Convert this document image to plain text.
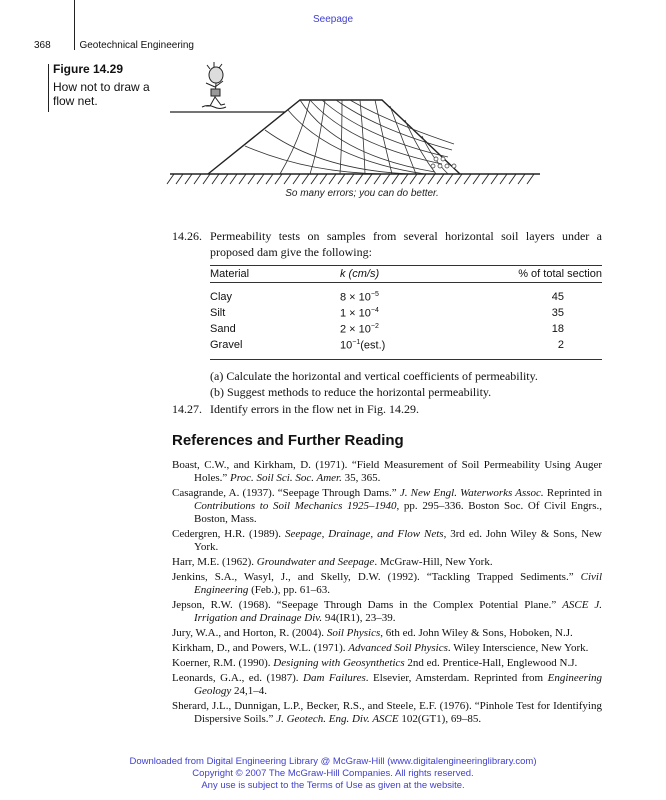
Seepage
368	Geotechnical Engineering
Figure 14.29
How not to draw a flow net.
So many errors; you can do better.
14.26. Permeability tests on samples from several horizontal soil layers under a proposed dam give the following:
Material	k (cm/s)	% of total section

Clay	$8 \times 10^{-5}$	45
Silt	$1 \times 10^{-4}$	35
Sand	$2 \times 10^{-2}$	18
Gravel	$10^{-1}(est.)$	2
(a) Calculate the horizontal and vertical coefficients of permeability.
(b) Suggest methods to reduce the horizontal permeability.
14.27. Identify errors in the flow net in Fig. 14.29.
References and Further Reading

Boast, C.W., and Kirkham, D. (1971). “Field Measurement of Soil Permeability Using Auger Holes.” Proc. Soil Sci. Soc. Amer. 35, 365.

Casagrande, A. (1937). “Seepage Through Dams.” J. New Engl. Waterworks Assoc. Reprinted in Contributions to Soil Mechanics 1925–1940, pp. 295–336. Boston Soc. Of Civil Engrs., Boston, Mass.

Cedergren, H.R. (1989). Seepage, Drainage, and Flow Nets, 3rd ed. John Wiley & Sons, New York.

Harr, M.E. (1962). Groundwater and Seepage. McGraw-Hill, New York.

Jenkins, S.A., Wasyl, J., and Skelly, D.W. (1992). “Tackling Trapped Sediments.” Civil Engineering (Feb.), pp. 61–63.

Jepson, R.W. (1968). “Seepage Through Dams in the Complex Potential Plane.” ASCE J. Irrigation and Drainage Div. 94(IR1), 23–39.

Jury, W.A., and Horton, R. (2004). Soil Physics, 6th ed. John Wiley & Sons, Hoboken, N.J.

Kirkham, D., and Powers, W.L. (1971). Advanced Soil Physics. Wiley Interscience, New York.

Koerner, R.M. (1990). Designing with Geosynthetics 2nd ed. Prentice-Hall, Englewood N.J.

Leonards, G.A., ed. (1987). Dam Failures. Elsevier, Amsterdam. Reprinted from Engineering Geology 24,1–4.

Sherard, J.L., Dunnigan, L.P., Becker, R.S., and Steele, E.F. (1976). “Pinhole Test for Identifying Dispersive Soils.” J. Geotech. Eng. Div. ASCE 102(GT1), 69–85.

Downloaded from Digital Engineering Library @ McGraw-Hill (www.digitalengineeringlibrary.com)
Copyright © 2007 The McGraw-Hill Companies. All rights reserved.
Any use is subject to the Terms of Use as given at the website.
